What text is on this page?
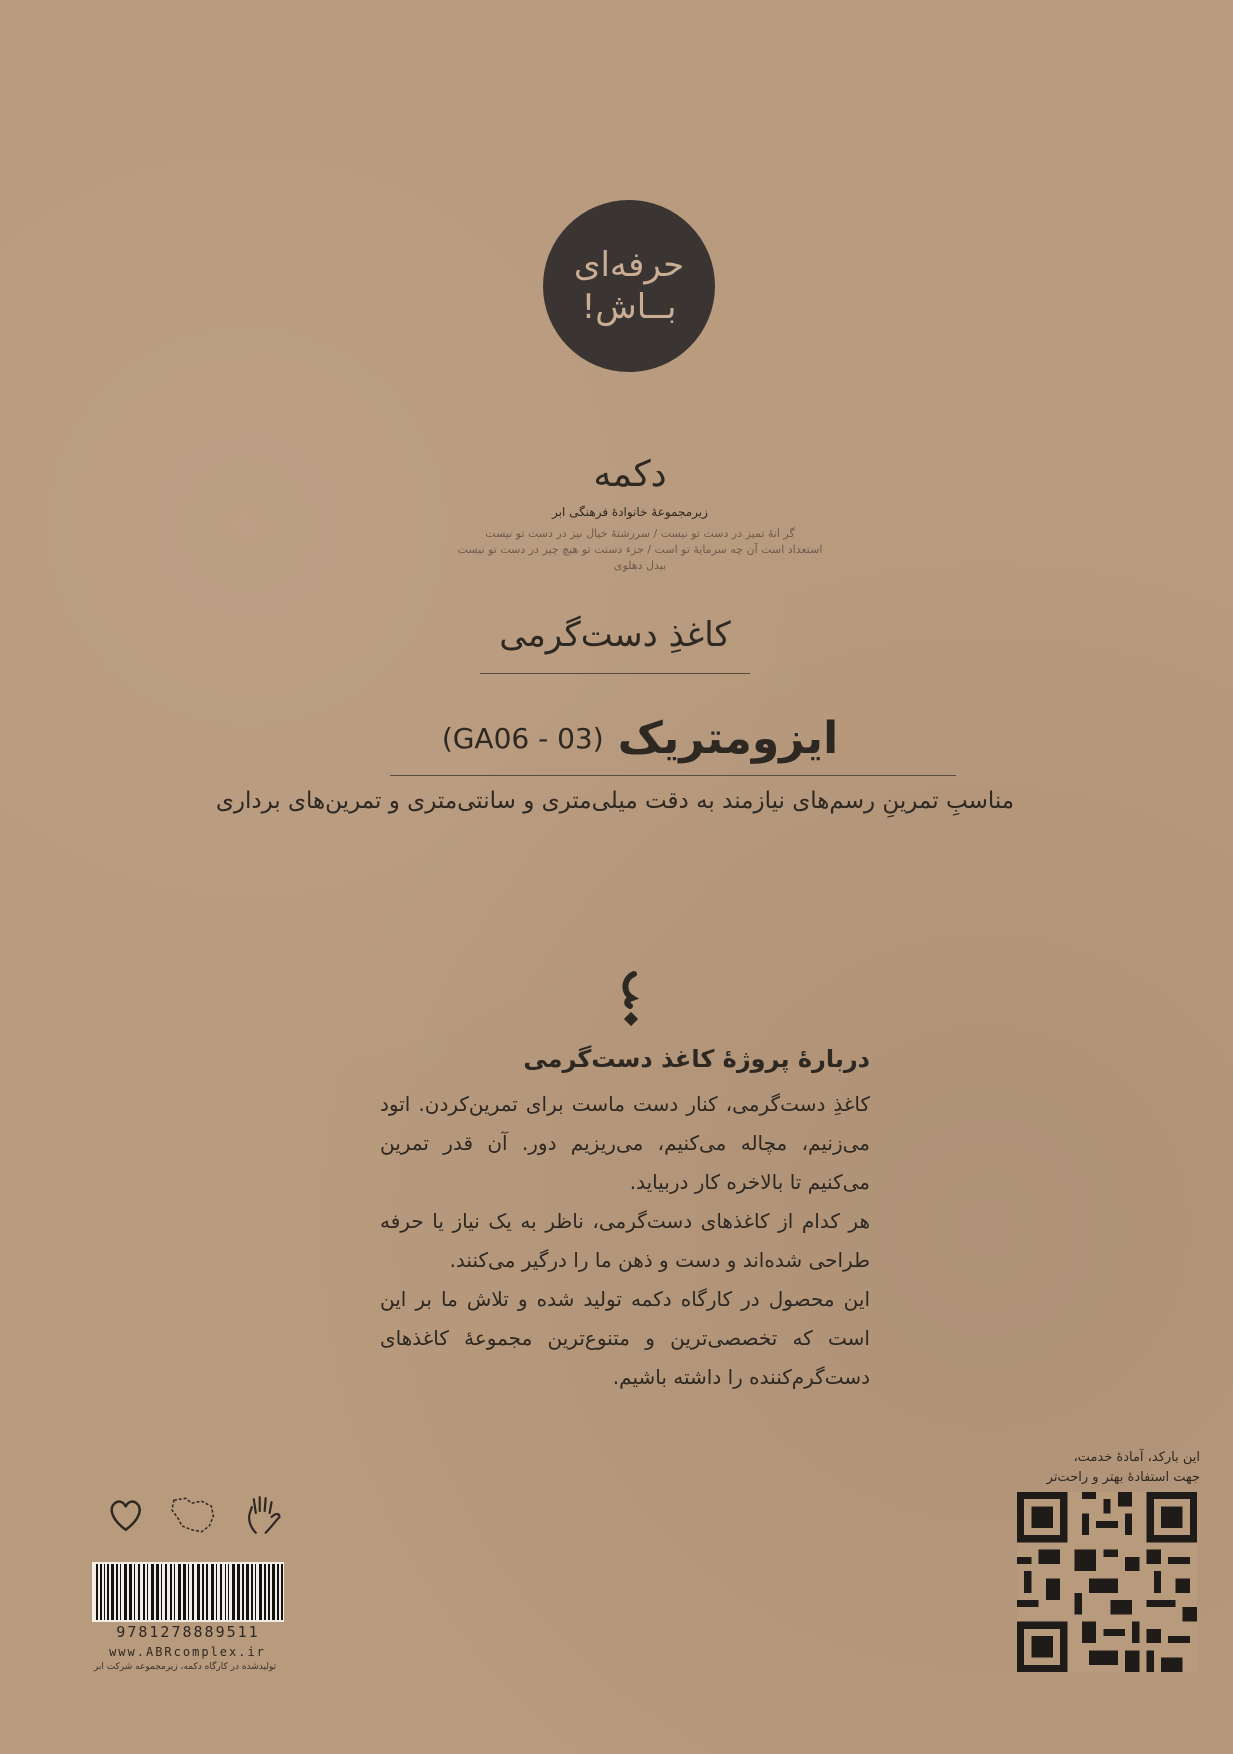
حرفه‌ای
بــاش!
دکمه
زیرمجموعهٔ خانوادهٔ فرهنگی ابر
گر انهٔ تمیز در دست تو نیست / سررشتهٔ خیال نیز در دست تو نیست
استعداد است آن چه سرمایهٔ تو است / جزء دستت تو هیچ چیز در دست تو نیست
بیدل دهلوی
کاغذِ دست‌گرمی
(GA06 - 03) ایزومتریک
مناسبِ تمرینِ رسم‌های نیازمند به دقت میلی‌متری و سانتی‌متری و تمرین‌های برداری
دربارهٔ پروژهٔ کاغذ دست‌گرمی

کاغذِ دست‌گرمی، کنار دست ماست برای تمرین‌کردن. اتود می‌زنیم، مچاله می‌کنیم، می‌ریزیم دور. آن قدر تمرین می‌کنیم تا بالاخره کار دربیاید.

هر کدام از کاغذهای دست‌گرمی، ناظر به یک نیاز یا حرفه طراحی شده‌اند و دست و ذهن ما را درگیر می‌کنند.

این محصول در کارگاه دکمه تولید شده و تلاش ما بر این است که تخصصی‌ترین و متنوع‌ترین مجموعهٔ کاغذهای دست‌گرم‌کننده را داشته باشیم.

این بارکد، آمادهٔ خدمت،
جهت استفادهٔ بهتر و راحت‌تر
9781278889511
www.ABRcomplex.ir
تولیدشده در کارگاه دکمه، زیرمجموعه شرکت ابر
